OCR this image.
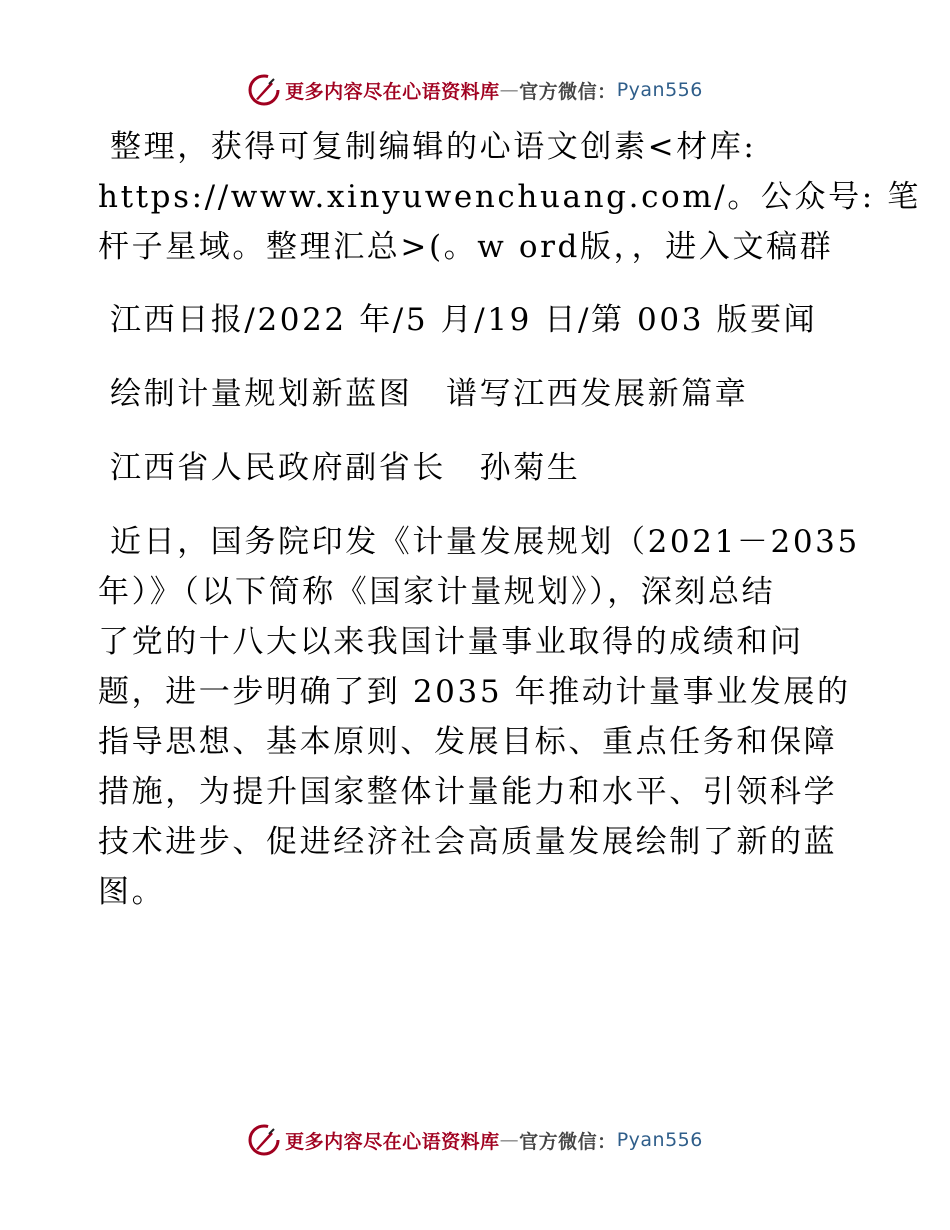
更多内容尽在心语资料库 — 官方微信： Pyan556

整理，获得可复制编辑的心语文创素<材库:

https://www.xinyuwenchuang.com/。公众号: 笔

杆子星域。整理汇总>(。w ord版，，进入文稿群

江西日报/2022 年/5 月/19 日/第 003 版要闻

绘制计量规划新蓝图　谱写江西发展新篇章

江西省人民政府副省长　孙菊生

近日，国务院印发《计量发展规划（2021－2035

年）》（以下简称《国家计量规划》），深刻总结

了党的十八大以来我国计量事业取得的成绩和问

题，进一步明确了到 2035 年推动计量事业发展的

指导思想、基本原则、发展目标、重点任务和保障

措施，为提升国家整体计量能力和水平、引领科学

技术进步、促进经济社会高质量发展绘制了新的蓝

图。

更多内容尽在心语资料库 — 官方微信： Pyan556
